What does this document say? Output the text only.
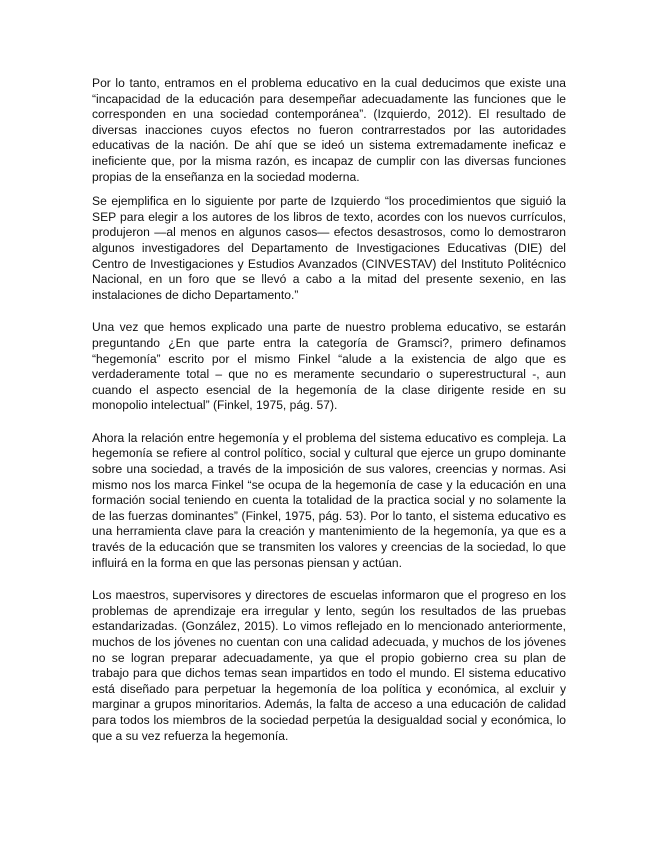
Por lo tanto, entramos en el problema educativo en la cual deducimos que existe una “incapacidad de la educación para desempeñar adecuadamente las funciones que le corresponden en una sociedad contemporánea”. (Izquierdo, 2012). El resultado de diversas inacciones cuyos efectos no fueron contrarrestados por las autoridades educativas de la nación. De ahí que se ideó un sistema extremadamente ineficaz e ineficiente que, por la misma razón, es incapaz de cumplir con las diversas funciones propias de la enseñanza en la sociedad moderna.

Se ejemplifica en lo siguiente por parte de Izquierdo “los procedimientos que siguió la SEP para elegir a los autores de los libros de texto, acordes con los nuevos currículos, produjeron —al menos en algunos casos— efectos desastrosos, como lo demostraron algunos investigadores del Departamento de Investigaciones Educativas (DIE) del Centro de Investigaciones y Estudios Avanzados (CINVESTAV) del Instituto Politécnico Nacional, en un foro que se llevó a cabo a la mitad del presente sexenio, en las instalaciones de dicho Departamento.”

Una vez que hemos explicado una parte de nuestro problema educativo, se estarán preguntando ¿En que parte entra la categoría de Gramsci?, primero definamos “hegemonía” escrito por el mismo Finkel “alude a la existencia de algo que es verdaderamente total – que no es meramente secundario o superestructural -, aun cuando el aspecto esencial de la hegemonía de la clase dirigente reside en su monopolio intelectual” (Finkel, 1975, pág. 57).

Ahora la relación entre hegemonía y el problema del sistema educativo es compleja. La hegemonía se refiere al control político, social y cultural que ejerce un grupo dominante sobre una sociedad, a través de la imposición de sus valores, creencias y normas. Asi mismo nos los marca Finkel “se ocupa de la hegemonía de case y la educación en una formación social teniendo en cuenta la totalidad de la practica social y no solamente la de las fuerzas dominantes” (Finkel, 1975, pág. 53). Por lo tanto, el sistema educativo es una herramienta clave para la creación y mantenimiento de la hegemonía, ya que es a través de la educación que se transmiten los valores y creencias de la sociedad, lo que influirá en la forma en que las personas piensan y actúan.

Los maestros, supervisores y directores de escuelas informaron que el progreso en los problemas de aprendizaje era irregular y lento, según los resultados de las pruebas estandarizadas. (González, 2015). Lo vimos reflejado en lo mencionado anteriormente, muchos de los jóvenes no cuentan con una calidad adecuada, y muchos de los jóvenes no se logran preparar adecuadamente, ya que el propio gobierno crea su plan de trabajo para que dichos temas sean impartidos en todo el mundo. El sistema educativo está diseñado para perpetuar la hegemonía de loa política y económica, al excluir y marginar a grupos minoritarios. Además, la falta de acceso a una educación de calidad para todos los miembros de la sociedad perpetúa la desigualdad social y económica, lo que a su vez refuerza la hegemonía.
